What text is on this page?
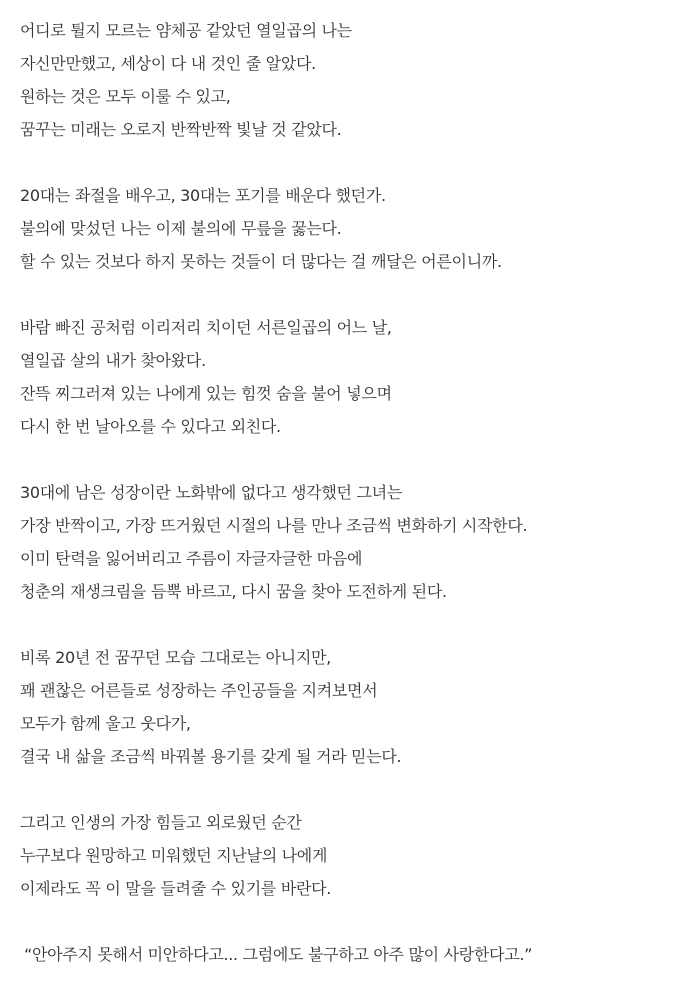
어디로 튈지 모르는 얌체공 같았던 열일곱의 나는
자신만만했고, 세상이 다 내 것인 줄 알았다.
원하는 것은 모두 이룰 수 있고,
꿈꾸는 미래는 오로지 반짝반짝 빛날 것 같았다.
20대는 좌절을 배우고, 30대는 포기를 배운다 했던가.
불의에 맞섰던 나는 이제 불의에 무릎을 꿇는다.
할 수 있는 것보다 하지 못하는 것들이 더 많다는 걸 깨달은 어른이니까.
바람 빠진 공처럼 이리저리 치이던 서른일곱의 어느 날,
열일곱 살의 내가 찾아왔다.
잔뜩 찌그러져 있는 나에게 있는 힘껏 숨을 불어 넣으며
다시 한 번 날아오를 수 있다고 외친다.
30대에 남은 성장이란 노화밖에 없다고 생각했던 그녀는
가장 반짝이고, 가장 뜨거웠던 시절의 나를 만나 조금씩 변화하기 시작한다.
이미 탄력을 잃어버리고 주름이 자글자글한 마음에
청춘의 재생크림을 듬뿍 바르고, 다시 꿈을 찾아 도전하게 된다.
비록 20년 전 꿈꾸던 모습 그대로는 아니지만,
꽤 괜찮은 어른들로 성장하는 주인공들을 지켜보면서
모두가 함께 울고 웃다가,
결국 내 삶을 조금씩 바꿔볼 용기를 갖게 될 거라 믿는다.
그리고 인생의 가장 힘들고 외로웠던 순간
누구보다 원망하고 미워했던 지난날의 나에게
이제라도 꼭 이 말을 들려줄 수 있기를 바란다.
“안아주지 못해서 미안하다고... 그럼에도 불구하고 아주 많이 사랑한다고.”
